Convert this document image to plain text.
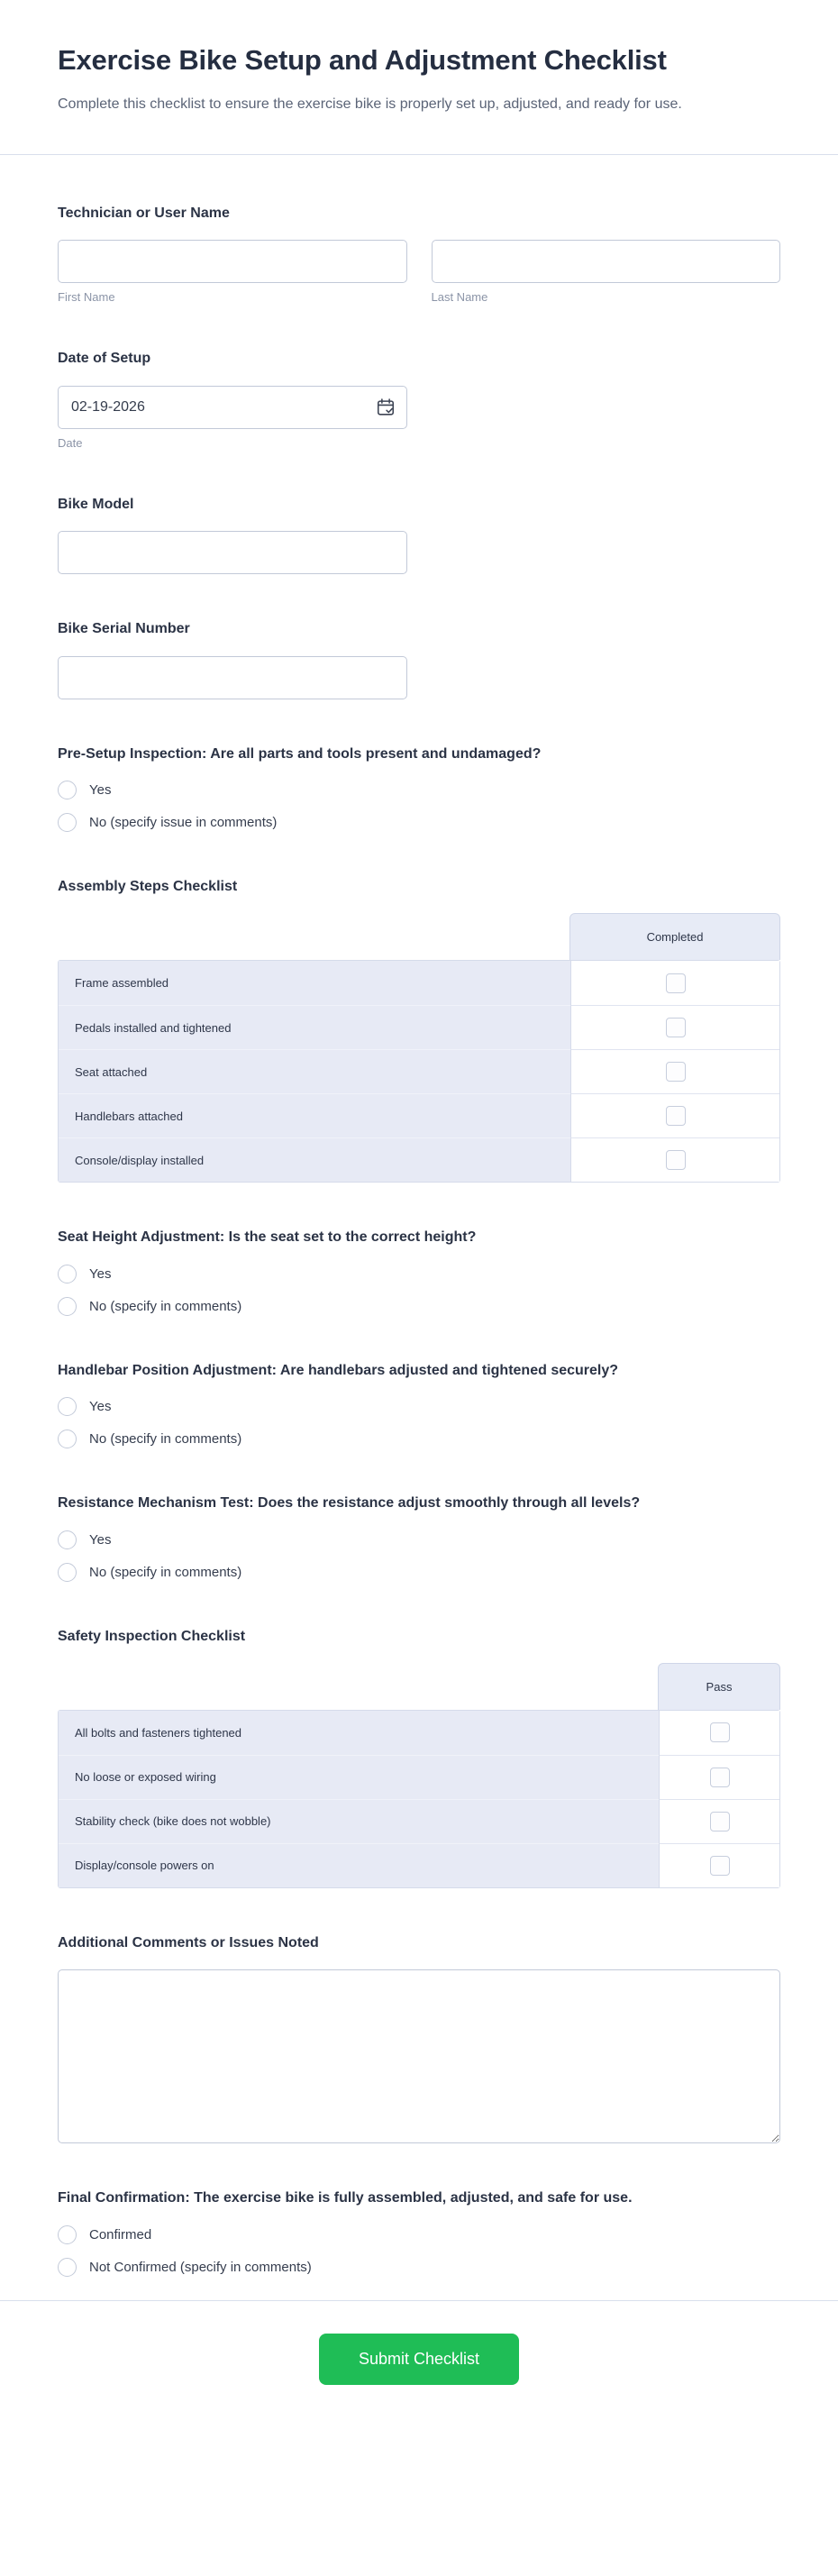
Exercise Bike Setup and Adjustment Checklist

Complete this checklist to ensure the exercise bike is properly set up, adjusted, and ready for use.

Technician or User Name
First Name	Last Name
Date of Setup
02-19-2026
Date
Bike Model
Bike Serial Number
Pre-Setup Inspection: Are all parts and tools present and undamaged?
Yes
No (specify issue in comments)
Assembly Steps Checklist
Completed
Frame assembled
Pedals installed and tightened
Seat attached
Handlebars attached
Console/display installed
Seat Height Adjustment: Is the seat set to the correct height?
Yes
No (specify in comments)
Handlebar Position Adjustment: Are handlebars adjusted and tightened securely?
Yes
No (specify in comments)
Resistance Mechanism Test: Does the resistance adjust smoothly through all levels?
Yes
No (specify in comments)
Safety Inspection Checklist
Pass
All bolts and fasteners tightened
No loose or exposed wiring
Stability check (bike does not wobble)
Display/console powers on
Additional Comments or Issues Noted
Final Confirmation: The exercise bike is fully assembled, adjusted, and safe for use.
Confirmed
Not Confirmed (specify in comments)
Submit Checklist
